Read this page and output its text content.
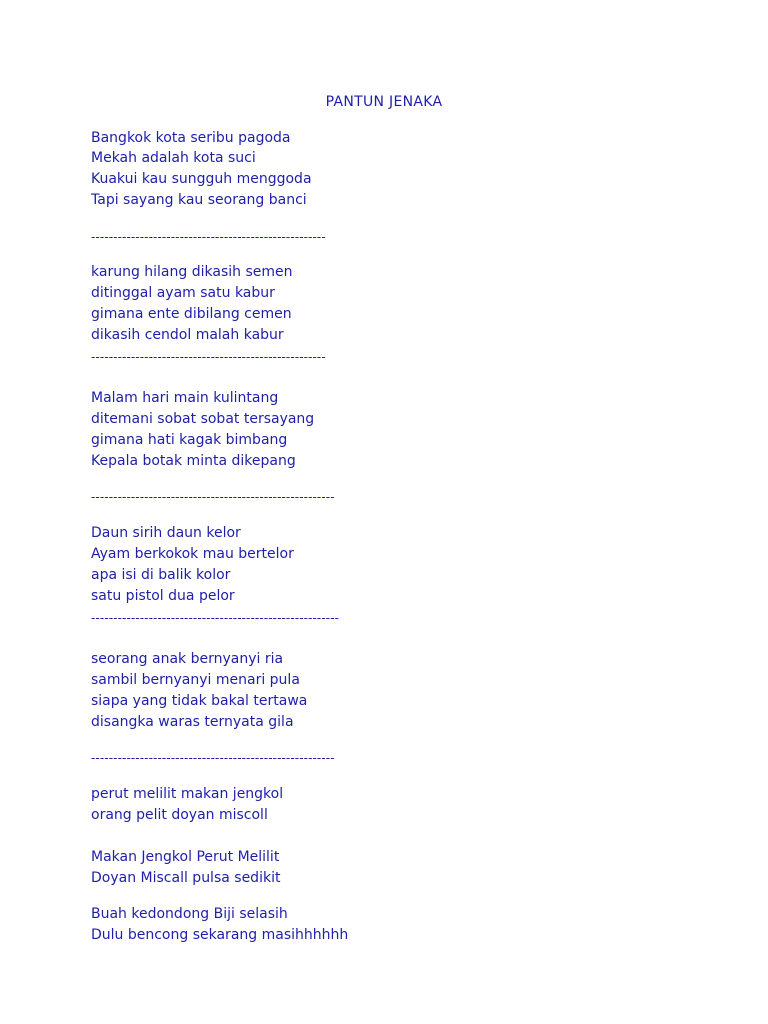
PANTUN JENAKA
Bangkok kota seribu pagoda
Mekah adalah kota suci
Kuakui kau sungguh menggoda
Tapi sayang kau seorang banci
-----------------------------------------------------
karung hilang dikasih semen
ditinggal ayam satu kabur
gimana ente dibilang cemen
dikasih cendol malah kabur
-----------------------------------------------------
Malam hari main kulintang
ditemani sobat sobat tersayang
gimana hati kagak bimbang
Kepala botak minta dikepang
-------------------------------------------------------
Daun sirih daun kelor
Ayam berkokok mau bertelor
apa isi di balik kolor
satu pistol dua pelor
--------------------------------------------------------
seorang anak bernyanyi ria
sambil bernyanyi menari pula
siapa yang tidak bakal tertawa
disangka waras ternyata gila
-------------------------------------------------------
perut melilit makan jengkol
orang pelit doyan miscoll
Makan Jengkol Perut Melilit
Doyan Miscall pulsa sedikit
Buah kedondong Biji selasih
Dulu bencong sekarang masihhhhhh
